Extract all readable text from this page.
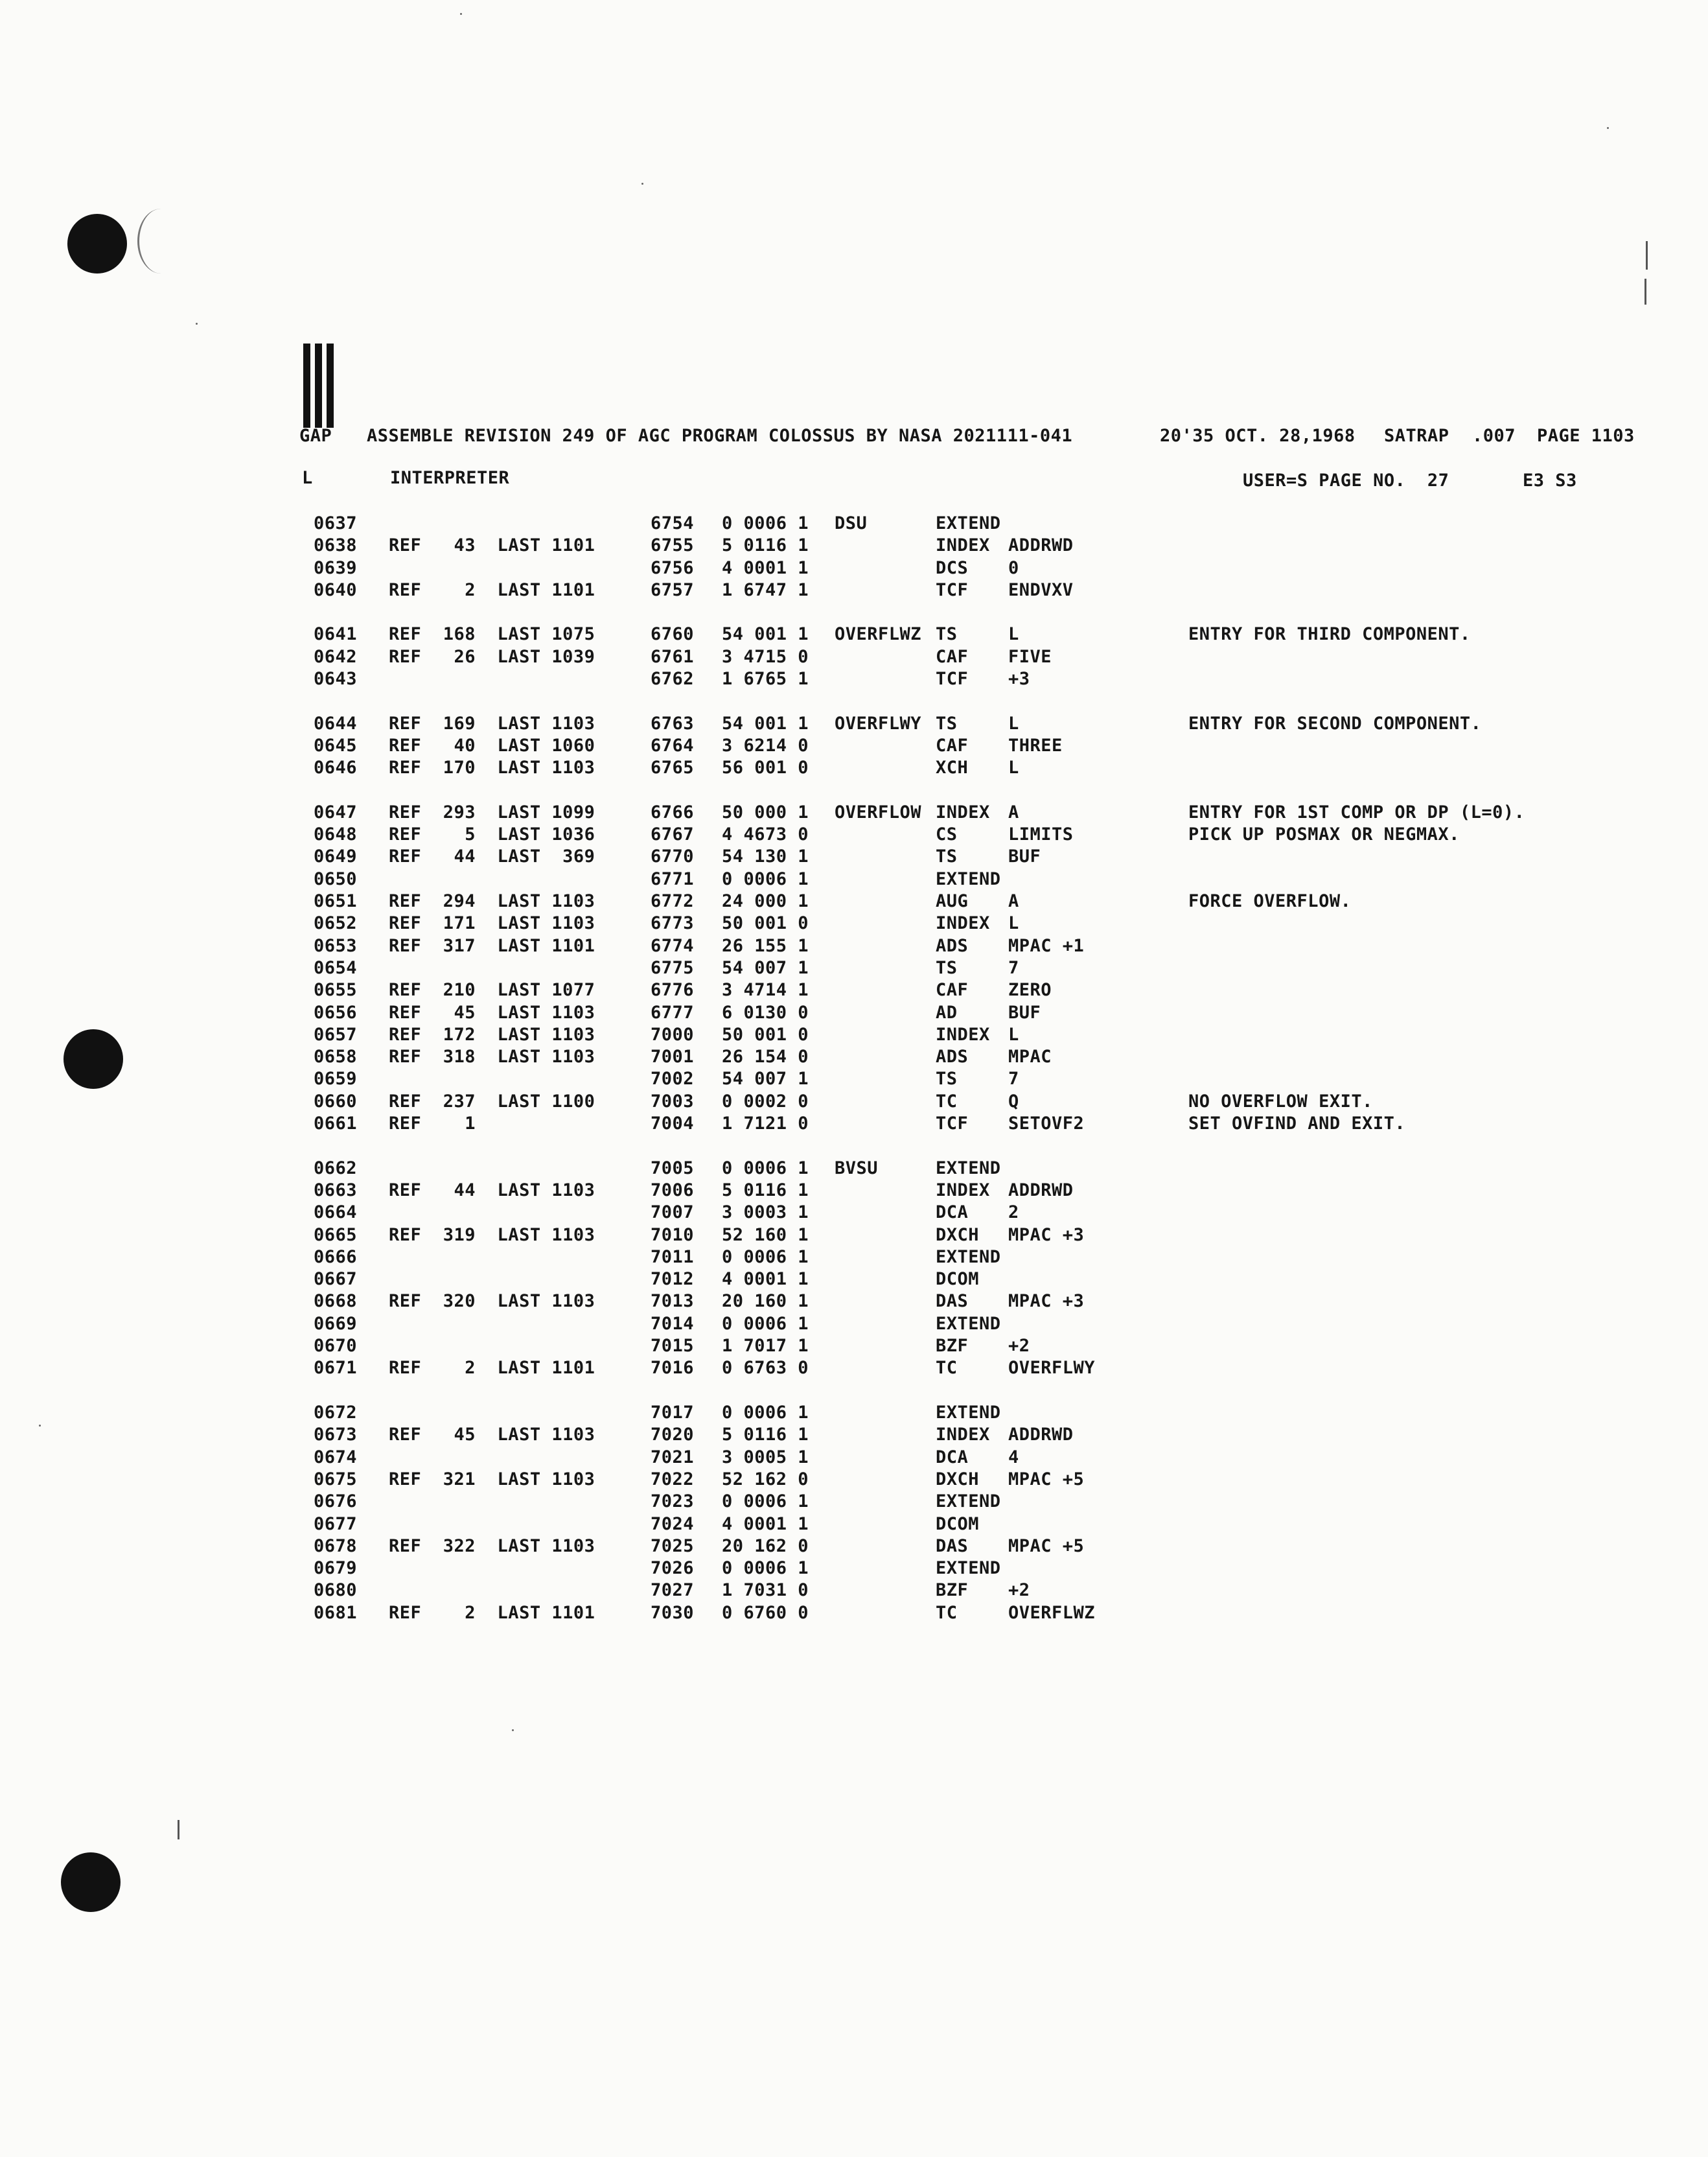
GAP ASSEMBLE REVISION 249 OF AGC PROGRAM COLOSSUS BY NASA 2021111-041	20'35 OCT. 28,1968 SATRAP .007 PAGE 1103
L	INTERPRETER	USER=S PAGE NO.  27	E3 S3
0637	6754 0 0006 1 DSU	EXTEND
0638 REF   43  LAST 1101	6755 5 0116 1	INDEX ADDRWD
0639	6756 4 0001 1	DCS 0
0640 REF    2  LAST 1101	6757 1 6747 1	TCF ENDVXV
0641 REF  168  LAST 1075	6760 54 001 1 OVERFLWZ TS	L	ENTRY FOR THIRD COMPONENT.
0642 REF   26  LAST 1039	6761 3 4715 0	CAF FIVE
0643	6762 1 6765 1	TCF +3
0644 REF  169  LAST 1103	6763 54 001 1 OVERFLWY TS	L	ENTRY FOR SECOND COMPONENT.
0645 REF   40  LAST 1060	6764 3 6214 0	CAF THREE
0646 REF  170  LAST 1103	6765 56 001 0	XCH L
0647 REF  293  LAST 1099	6766 50 000 1 OVERFLOW INDEX A	ENTRY FOR 1ST COMP OR DP (L=0).
0648 REF    5  LAST 1036	6767 4 4673 0	CS	LIMITS	PICK UP POSMAX OR NEGMAX.
0649 REF   44  LAST  369	6770 54 130 1	TS	BUF
0650	6771 0 0006 1	EXTEND
0651 REF  294  LAST 1103	6772 24 000 1	AUG A	FORCE OVERFLOW.
0652 REF  171  LAST 1103	6773 50 001 0	INDEX L
0653 REF  317  LAST 1101	6774 26 155 1	ADS MPAC +1
0654	6775 54 007 1	TS	7
0655 REF  210  LAST 1077	6776 3 4714 1	CAF ZERO
0656 REF   45  LAST 1103	6777 6 0130 0	AD	BUF
0657 REF  172  LAST 1103	7000 50 001 0	INDEX L
0658 REF  318  LAST 1103	7001 26 154 0	ADS MPAC
0659	7002 54 007 1	TS	7
0660 REF  237  LAST 1100	7003 0 0002 0	TC	Q	NO OVERFLOW EXIT.
0661 REF    1	7004 1 7121 0	TCF SETOVF2	SET OVFIND AND EXIT.
0662	7005 0 0006 1 BVSU	EXTEND
0663 REF   44  LAST 1103	7006 5 0116 1	INDEX ADDRWD
0664	7007 3 0003 1	DCA 2
0665 REF  319  LAST 1103	7010 52 160 1	DXCH MPAC +3
0666	7011 0 0006 1	EXTEND
0667	7012 4 0001 1	DCOM
0668 REF  320  LAST 1103	7013 20 160 1	DAS MPAC +3
0669	7014 0 0006 1	EXTEND
0670	7015 1 7017 1	BZF +2
0671 REF    2  LAST 1101	7016 0 6763 0	TC	OVERFLWY
0672	7017 0 0006 1	EXTEND
0673 REF   45  LAST 1103	7020 5 0116 1	INDEX ADDRWD
0674	7021 3 0005 1	DCA 4
0675 REF  321  LAST 1103	7022 52 162 0	DXCH MPAC +5
0676	7023 0 0006 1	EXTEND
0677	7024 4 0001 1	DCOM
0678 REF  322  LAST 1103	7025 20 162 0	DAS MPAC +5
0679	7026 0 0006 1	EXTEND
0680	7027 1 7031 0	BZF +2
0681 REF    2  LAST 1101	7030 0 6760 0	TC	OVERFLWZ
